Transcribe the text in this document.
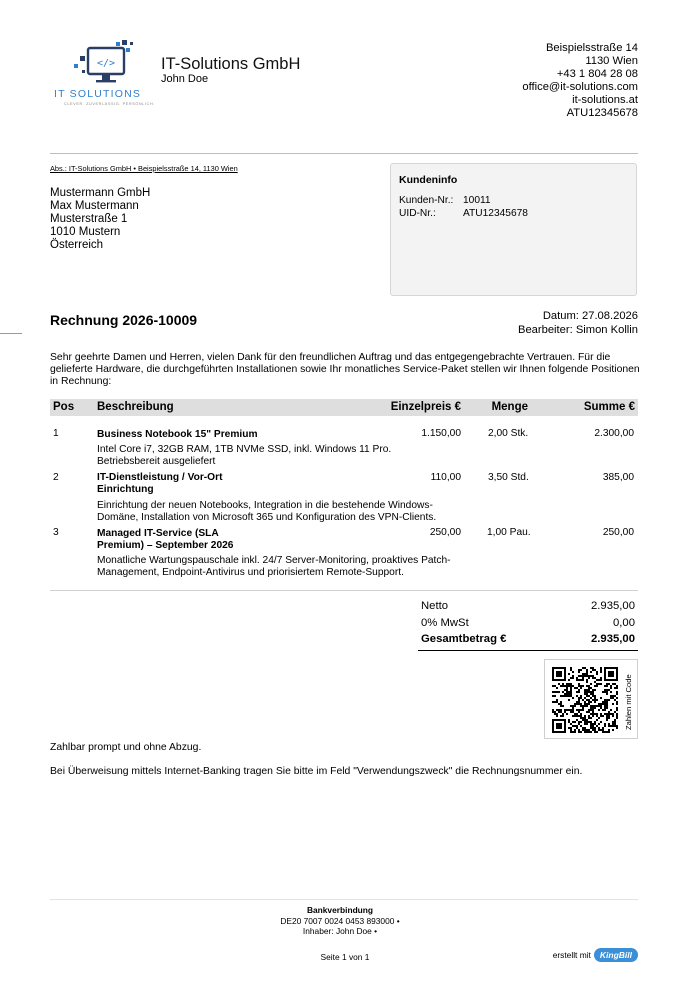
</>
IT SOLUTIONS
CLEVER. ZUVERLÄSSIG. PERSÖNLICH.
IT-Solutions GmbH
John Doe
Beispielsstraße 14
1130 Wien
+43 1 804 28 08
office@it-solutions.com
it-solutions.at
ATU12345678
Abs.: IT-Solutions GmbH • Beispielsstraße 14, 1130 Wien
Mustermann GmbH
Max Mustermann
Musterstraße 1
1010 Mustern
Österreich
Kundeninfo
Kunden-Nr.: 10011
UID-Nr.:	ATU12345678
Rechnung 2026-10009	Datum: 27.08.2026
Bearbeiter: Simon Kollin
Sehr geehrte Damen und Herren, vielen Dank für den freundlichen Auftrag und das entgegengebrachte Vertrauen. Für die gelieferte Hardware, die durchgeführten Installationen sowie Ihr monatliches Service-Paket stellen wir Ihnen folgende Positionen in Rechnung:
Pos Beschreibung	Einzelpreis €	Menge	Summe €
1	Business Notebook 15" Premium
Intel Core i7, 32GB RAM, 1TB NVMe SSD, inkl. Windows 11 Pro. Betriebsbereit ausgeliefert
1.150,00	2,00 Stk.	2.300,00
2	IT-Dienstleistung / Vor-Ort
Einrichtung
Einrichtung der neuen Notebooks, Integration in die bestehende Windows-Domäne, Installation von Microsoft 365 und Konfiguration des VPN-Clients.
110,00	3,50 Std.	385,00
3	Managed IT-Service (SLA
Premium) – September 2026
Monatliche Wartungspauschale inkl. 24/7 Server-Monitoring, proaktives Patch-Management, Endpoint-Antivirus und priorisiertem Remote-Support.
250,00	1,00 Pau.	250,00
Netto	2.935,00
0% MwSt	0,00
Gesamtbetrag €	2.935,00
Zahlen mit Code
Zahlbar prompt und ohne Abzug.
Bei Überweisung mittels Internet-Banking tragen Sie bitte im Feld "Verwendungszweck" die Rechnungsnummer ein.
Bankverbindung
DE20 7007 0024 0453 893000 •
Inhaber: John Doe •
Seite 1 von 1	erstellt mit	KingBill
